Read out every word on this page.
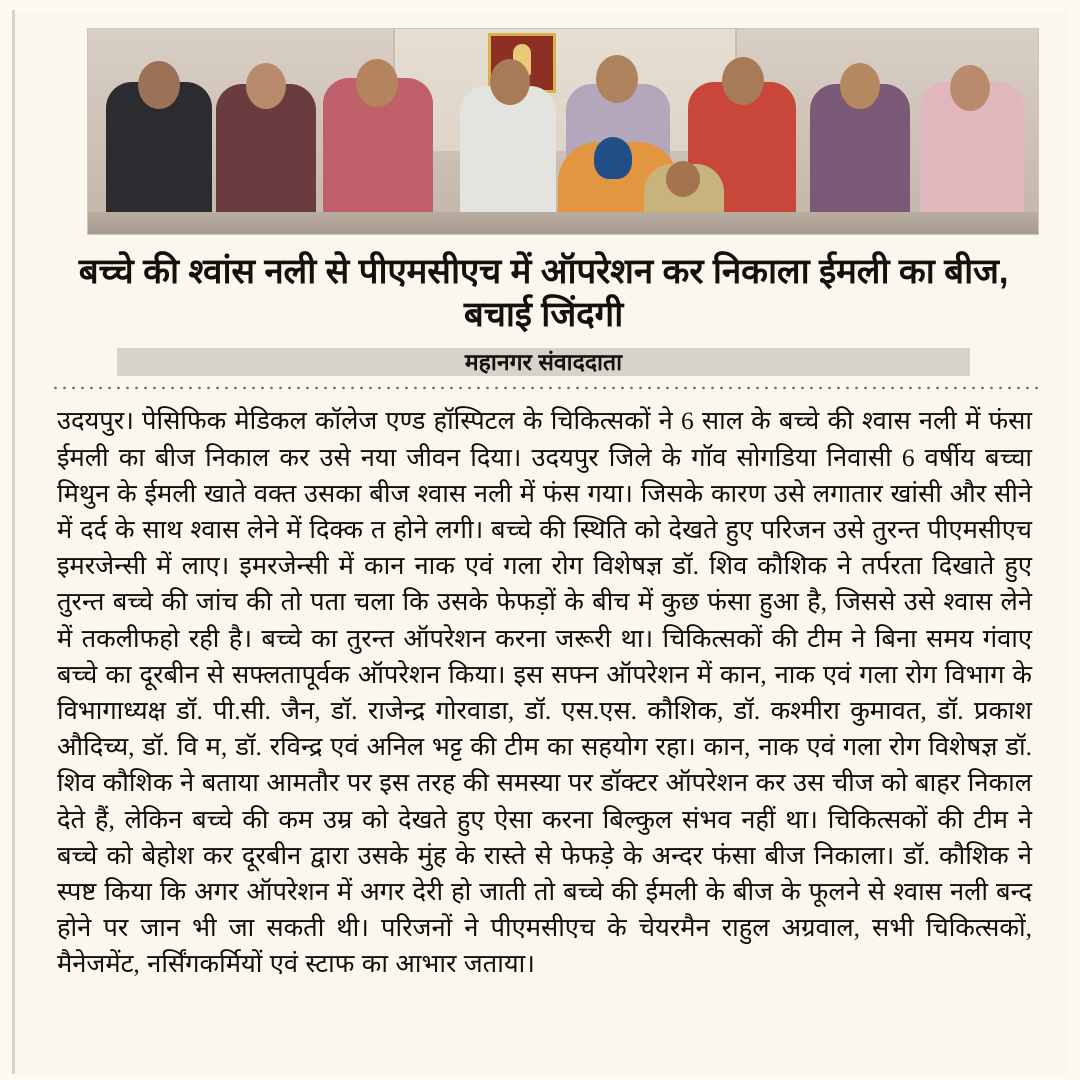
बच्चे की श्वांस नली से पीएमसीएच में ऑपरेशन कर निकाला ईमली का बीज, बचाई जिंदगी
महानगर संवाददाता
उदयपुर। पेसिफिक मेडिकल कॉलेज एण्ड हॉस्पिटल के चिकित्सकों ने 6 साल के बच्चे की श्वास नली में फंसा ईमली का बीज निकाल कर उसे नया जीवन दिया। उदयपुर जिले के गॉव सोगडिया निवासी 6 वर्षीय बच्चा मिथुन के ईमली खाते वक्त उसका बीज श्वास नली में फंस गया। जिसके कारण उसे लगातार खांसी और सीने में दर्द के साथ श्वास लेने में दिक्क त होने लगी। बच्चे की स्थिति को देखते हुए परिजन उसे तुरन्त पीएमसीएच इमरजेन्सी में लाए। इमरजेन्सी में कान नाक एवं गला रोग विशेषज्ञ डॉ. शिव कौशिक ने तर्परता दिखाते हुए तुरन्त बच्चे की जांच की तो पता चला कि उसके फेफड़ों के बीच में कुछ फंसा हुआ है, जिससे उसे श्वास लेने में तकलीफहो रही है। बच्चे का तुरन्त ऑपरेशन करना जरूरी था। चिकित्सकों की टीम ने बिना समय गंवाए बच्चे का दूरबीन से सफ्लतापूर्वक ऑपरेशन किया। इस सफ्न ऑपरेशन में कान, नाक एवं गला रोग विभाग के विभागाध्यक्ष डॉ. पी.सी. जैन, डॉ. राजेन्द्र गोरवाडा, डॉ. एस.एस. कौशिक, डॉ. कश्मीरा कुमावत, डॉ. प्रकाश औदिच्य, डॉ. वि म, डॉ. रविन्द्र एवं अनिल भट्ट की टीम का सहयोग रहा। कान, नाक एवं गला रोग विशेषज्ञ डॉ. शिव कौशिक ने बताया आमतौर पर इस तरह की समस्या पर डॉक्टर ऑपरेशन कर उस चीज को बाहर निकाल देते हैं, लेकिन बच्चे की कम उम्र को देखते हुए ऐसा करना बिल्कुल संभव नहीं था। चिकित्सकों की टीम ने बच्चे को बेहोश कर दूरबीन द्वारा उसके मुंह के रास्ते से फेफड़े के अन्दर फंसा बीज निकाला। डॉ. कौशिक ने स्पष्ट किया कि अगर ऑपरेशन में अगर देरी हो जाती तो बच्चे की ईमली के बीज के फूलने से श्वास नली बन्द होने पर जान भी जा सकती थी। परिजनों ने पीएमसीएच के चेयरमैन राहुल अग्रवाल, सभी चिकित्सकों, मैनेजमेंट, नर्सिंगकर्मियों एवं स्टाफ का आभार जताया।
